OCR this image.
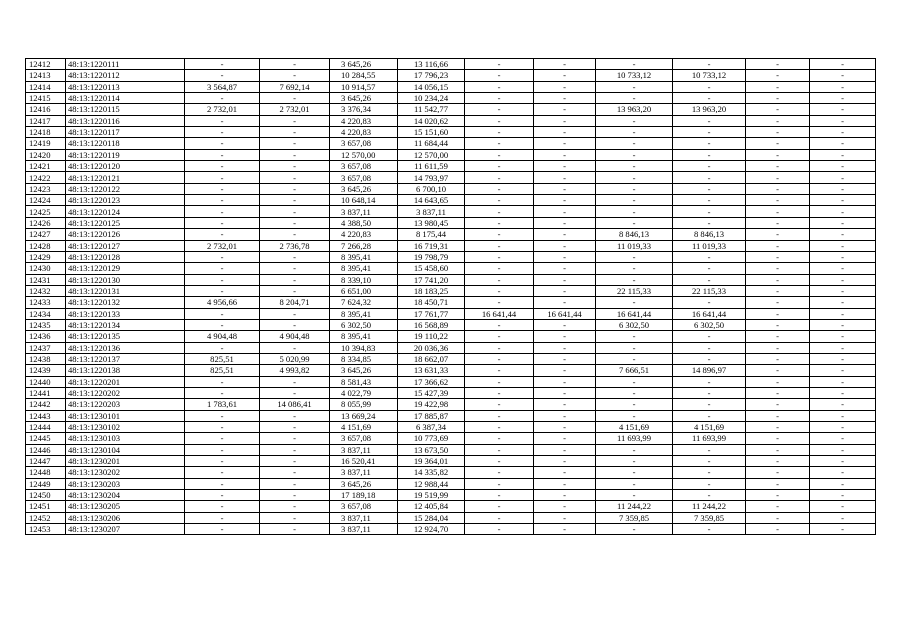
12412	48:13:1220111	-	-	3 645,26	13 116,66	-	-	-	-	-	-
12413	48:13:1220112	-	-	10 284,55	17 796,23	-	-	10 733,12	10 733,12	-	-
12414	48:13:1220113	3 564,87	7 692,14	10 914,57	14 056,15	-	-	-	-	-	-
12415	48:13:1220114	-	-	3 645,26	10 234,24	-	-	-	-	-	-
12416	48:13:1220115	2 732,01	2 732,01	3 376,34	11 542,77	-	-	13 963,20	13 963,20	-	-
12417	48:13:1220116	-	-	4 220,83	14 020,62	-	-	-	-	-	-
12418	48:13:1220117	-	-	4 220,83	15 151,60	-	-	-	-	-	-
12419	48:13:1220118	-	-	3 657,08	11 684,44	-	-	-	-	-	-
12420	48:13:1220119	-	-	12 570,00	12 570,00	-	-	-	-	-	-
12421	48:13:1220120	-	-	3 657,08	11 611,59	-	-	-	-	-	-
12422	48:13:1220121	-	-	3 657,08	14 793,97	-	-	-	-	-	-
12423	48:13:1220122	-	-	3 645,26	6 700,10	-	-	-	-	-	-
12424	48:13:1220123	-	-	10 648,14	14 643,65	-	-	-	-	-	-
12425	48:13:1220124	-	-	3 837,11	3 837,11	-	-	-	-	-	-
12426	48:13:1220125	-	-	4 388,50	13 980,45	-	-	-	-	-	-
12427	48:13:1220126	-	-	4 220,83	8 175,44	-	-	8 846,13	8 846,13	-	-
12428	48:13:1220127	2 732,01	2 736,78	7 266,28	16 719,31	-	-	11 019,33	11 019,33	-	-
12429	48:13:1220128	-	-	8 395,41	19 798,79	-	-	-	-	-	-
12430	48:13:1220129	-	-	8 395,41	15 458,60	-	-	-	-	-	-
12431	48:13:1220130	-	-	8 339,10	17 741,20	-	-	-	-	-	-
12432	48:13:1220131	-	-	6 651,00	18 183,25	-	-	22 115,33	22 115,33	-	-
12433	48:13:1220132	4 956,66	8 204,71	7 624,32	18 450,71	-	-	-	-	-	-
12434	48:13:1220133	-	-	8 395,41	17 761,77	16 641,44	16 641,44	16 641,44	16 641,44	-	-
12435	48:13:1220134	-	-	6 302,50	16 568,89	-	-	6 302,50	6 302,50	-	-
12436	48:13:1220135	4 904,48	4 904,48	8 395,41	19 110,22	-	-	-	-	-	-
12437	48:13:1220136	-	-	10 394,83	20 036,36	-	-	-	-	-	-
12438	48:13:1220137	825,51	5 020,99	8 334,85	18 662,07	-	-	-	-	-	-
12439	48:13:1220138	825,51	4 993,82	3 645,26	13 631,33	-	-	7 666,51	14 896,97	-	-
12440	48:13:1220201	-	-	8 581,43	17 366,62	-	-	-	-	-	-
12441	48:13:1220202	-	-	4 022,79	15 427,39	-	-	-	-	-	-
12442	48:13:1220203	1 783,61	14 086,41	8 055,99	19 422,98	-	-	-	-	-	-
12443	48:13:1230101	-	-	13 669,24	17 885,87	-	-	-	-	-	-
12444	48:13:1230102	-	-	4 151,69	6 387,34	-	-	4 151,69	4 151,69	-	-
12445	48:13:1230103	-	-	3 657,08	10 773,69	-	-	11 693,99	11 693,99	-	-
12446	48:13:1230104	-	-	3 837,11	13 673,50	-	-	-	-	-	-
12447	48:13:1230201	-	-	16 520,41	19 364,01	-	-	-	-	-	-
12448	48:13:1230202	-	-	3 837,11	14 335,82	-	-	-	-	-	-
12449	48:13:1230203	-	-	3 645,26	12 988,44	-	-	-	-	-	-
12450	48:13:1230204	-	-	17 189,18	19 519,99	-	-	-	-	-	-
12451	48:13:1230205	-	-	3 657,08	12 405,84	-	-	11 244,22	11 244,22	-	-
12452	48:13:1230206	-	-	3 837,11	15 284,04	-	-	7 359,85	7 359,85	-	-
12453	48:13:1230207	-	-	3 837,11	12 924,70	-	-	-	-	-	-
